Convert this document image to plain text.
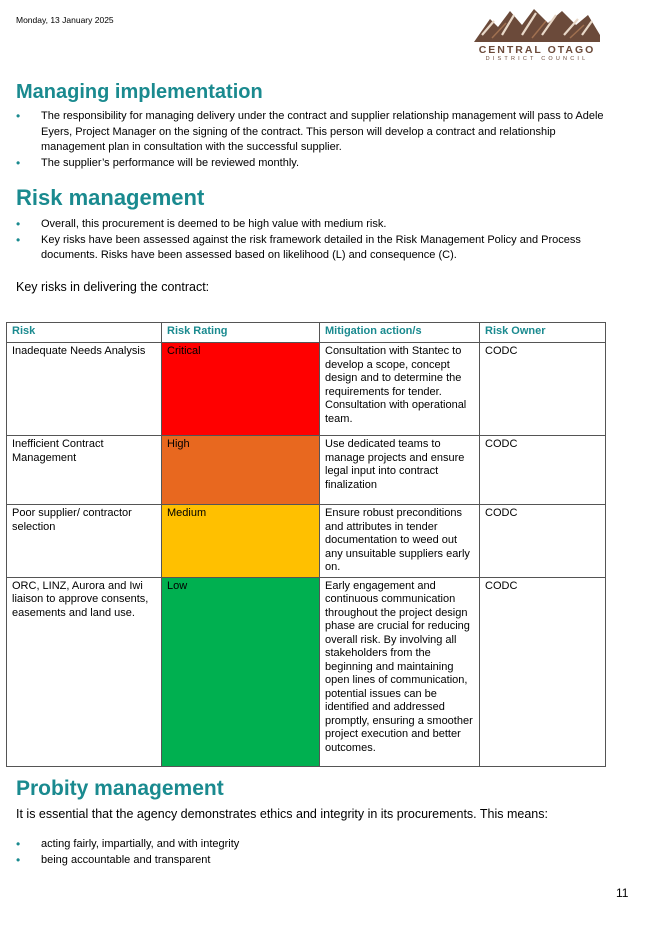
Monday, 13 January 2025
CENTRAL OTAGO
DISTRICT COUNCIL
Managing implementation
• The responsibility for managing delivery under the contract and supplier relationship management will pass to Adele Eyers, Project Manager on the signing of the contract. This person will develop a contract and relationship management plan in consultation with the successful supplier.
• The supplier’s performance will be reviewed monthly.
Risk management
• Overall, this procurement is deemed to be high value with medium risk.
• Key risks have been assessed against the risk framework detailed in the Risk Management Policy and Process documents. Risks have been assessed based on likelihood (L) and consequence (C).

Key risks in delivering the contract:

Risk	Risk Rating	Mitigation action/s	Risk Owner
Inadequate Needs Analysis	Critical	Consultation with Stantec to develop a scope, concept design and to determine the requirements for tender. Consultation with operational team.	CODC
Inefficient Contract Management	High	Use dedicated teams to manage projects and ensure legal input into contract finalization	CODC
Poor supplier/ contractor selection	Medium	Ensure robust preconditions and attributes in tender documentation to weed out any unsuitable suppliers early on.	CODC
ORC, LINZ, Aurora and Iwi liaison to approve consents, easements and land use.	Low	Early engagement and continuous communication throughout the project design phase are crucial for reducing overall risk. By involving all stakeholders from the beginning and maintaining open lines of communication, potential issues can be identified and addressed promptly, ensuring a smoother project execution and better outcomes.	CODC
Probity management

It is essential that the agency demonstrates ethics and integrity in its procurements. This means:

• acting fairly, impartially, and with integrity
• being accountable and transparent
11
